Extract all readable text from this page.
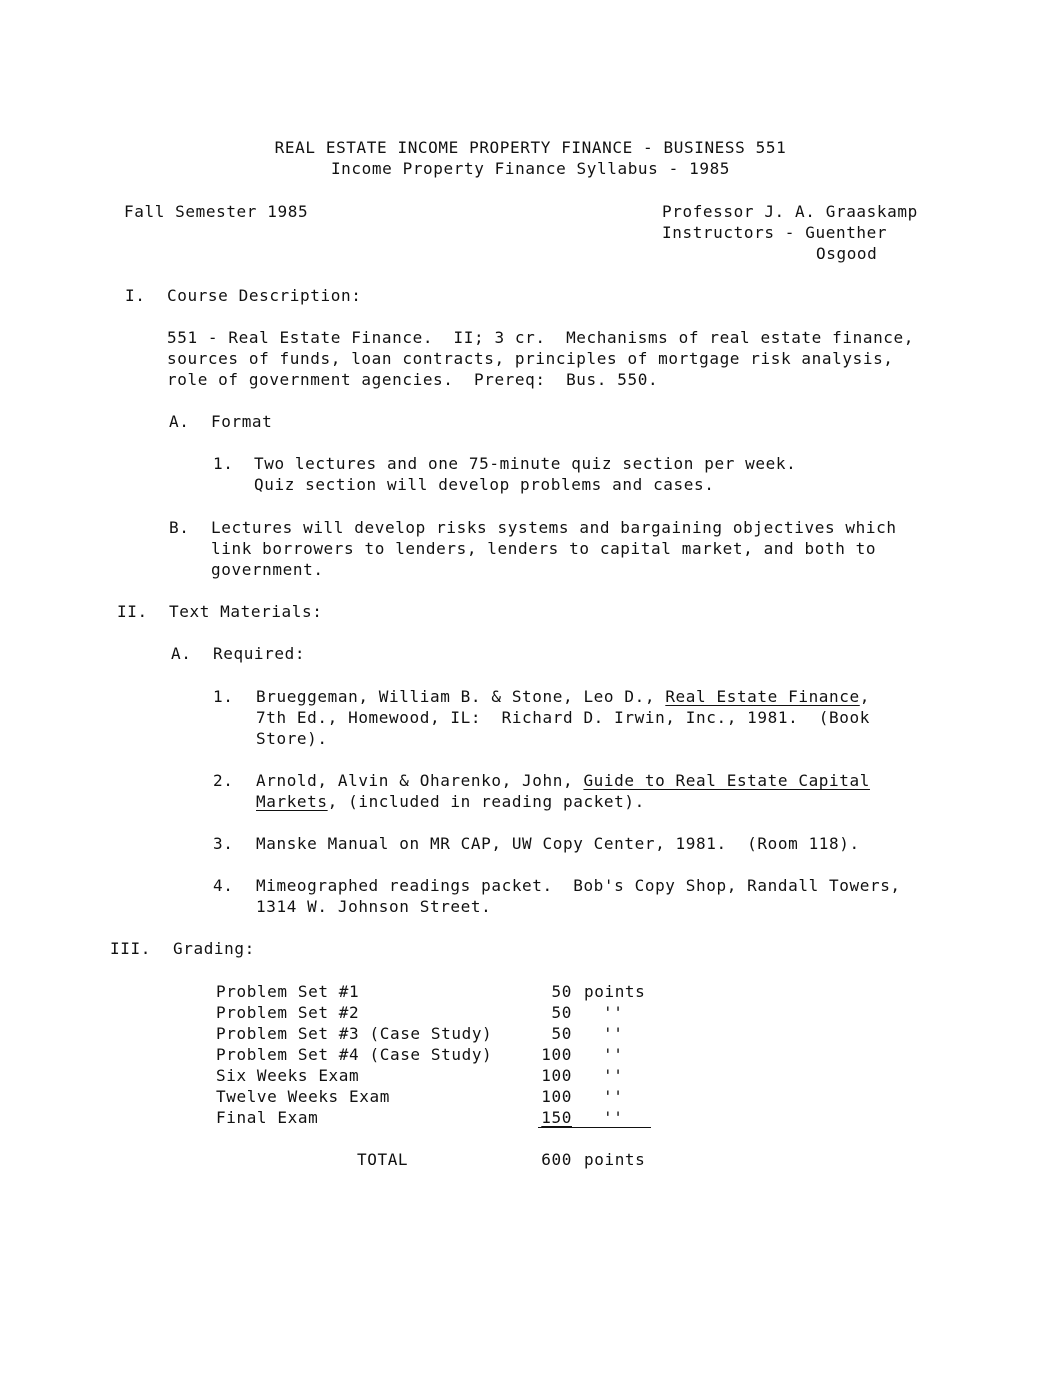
REAL ESTATE INCOME PROPERTY FINANCE - BUSINESS 551
Income Property Finance Syllabus - 1985
Fall Semester 1985	Professor J. A. Graaskamp
Instructors - Guenther
Osgood
I. Course Description:
551 - Real Estate Finance.  II; 3 cr.  Mechanisms of real estate finance,
sources of funds, loan contracts, principles of mortgage risk analysis,
role of government agencies.  Prereq:  Bus. 550.
A. Format
1. Two lectures and one 75-minute quiz section per week.
Quiz section will develop problems and cases.
B. Lectures will develop risks systems and bargaining objectives which
link borrowers to lenders, lenders to capital market, and both to
government.
II. Text Materials:
A. Required:
1. Brueggeman, William B. & Stone, Leo D., Real Estate Finance,
7th Ed., Homewood, IL:  Richard D. Irwin, Inc., 1981.  (Book
Store).
2. Arnold, Alvin & Oharenko, John, Guide to Real Estate Capital
Markets, (included in reading packet).
3. Manske Manual on MR CAP, UW Copy Center, 1981.  (Room 118).
4. Mimeographed readings packet.  Bob's Copy Shop, Randall Towers,
1314 W. Johnson Street.
III. Grading:
Problem Set #1	50 points
Problem Set #2	50 ''
Problem Set #3 (Case Study)	50 ''
Problem Set #4 (Case Study)	100 ''
Six Weeks Exam	100 ''
Twelve Weeks Exam	100 ''
Final Exam	150 ''
TOTAL	600 points
